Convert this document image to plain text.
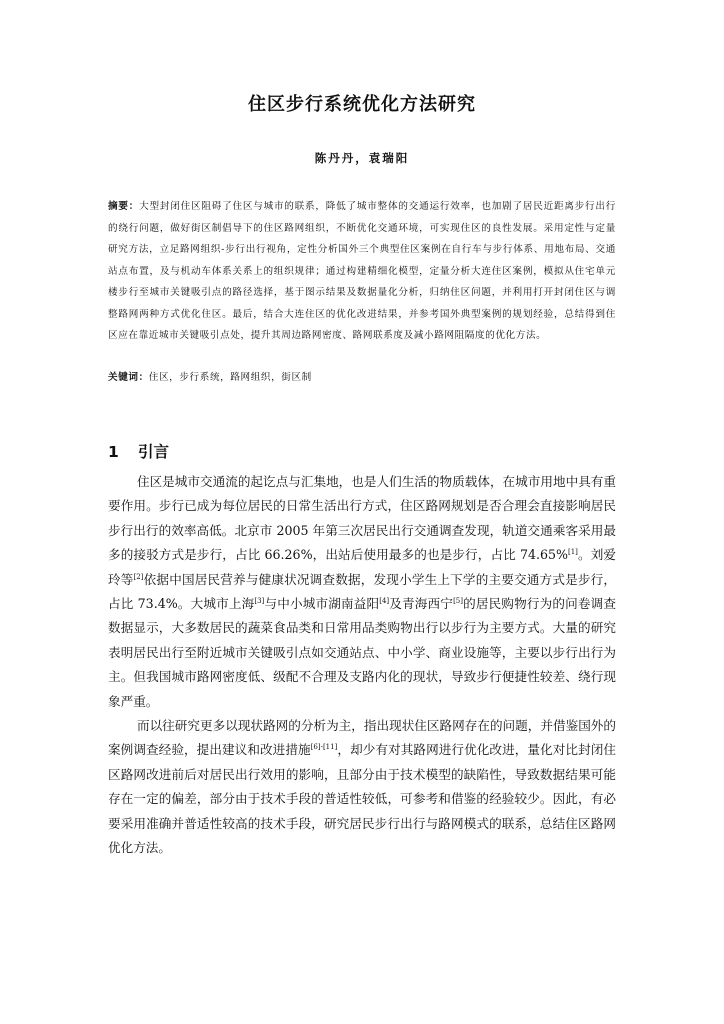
住区步行系统优化方法研究
陈丹丹，袁瑞阳
摘要：大型封闭住区阻碍了住区与城市的联系，降低了城市整体的交通运行效率，也加剧了居民近距离步行出行的绕行问题，做好街区制倡导下的住区路网组织，不断优化交通环境，可实现住区的良性发展。采用定性与定量研究方法，立足路网组织-步行出行视角，定性分析国外三个典型住区案例在自行车与步行体系、用地布局、交通站点布置，及与机动车体系关系上的组织规律；通过构建精细化模型，定量分析大连住区案例，模拟从住宅单元楼步行至城市关键吸引点的路径选择，基于图示结果及数据量化分析，归纳住区问题，并利用打开封闭住区与调整路网两种方式优化住区。最后，结合大连住区的优化改进结果，并参考国外典型案例的规划经验，总结得到住区应在靠近城市关键吸引点处，提升其周边路网密度、路网联系度及减小路网阻隔度的优化方法。
关键词：住区，步行系统，路网组织，街区制
1 引言

住区是城市交通流的起讫点与汇集地，也是人们生活的物质载体，在城市用地中具有重要作用。步行已成为每位居民的日常生活出行方式，住区路网规划是否合理会直接影响居民步行出行的效率高低。北京市 2005 年第三次居民出行交通调查发现，轨道交通乘客采用最多的接驳方式是步行，占比 66.26%，出站后使用最多的也是步行，占比 74.65%[1]。刘爱玲等[2]依据中国居民营养与健康状况调查数据，发现小学生上下学的主要交通方式是步行，占比 73.4%。大城市上海[3]与中小城市湖南益阳[4]及青海西宁[5]的居民购物行为的问卷调查数据显示，大多数居民的蔬菜食品类和日常用品类购物出行以步行为主要方式。大量的研究表明居民出行至附近城市关键吸引点如交通站点、中小学、商业设施等，主要以步行出行为主。但我国城市路网密度低、级配不合理及支路内化的现状，导致步行便捷性较差、绕行现象严重。

而以往研究更多以现状路网的分析为主，指出现状住区路网存在的问题，并借鉴国外的案例调查经验，提出建议和改进措施[6]-[11]，却少有对其路网进行优化改进，量化对比封闭住区路网改进前后对居民出行效用的影响，且部分由于技术模型的缺陷性，导致数据结果可能存在一定的偏差，部分由于技术手段的普适性较低，可参考和借鉴的经验较少。因此，有必要采用准确并普适性较高的技术手段，研究居民步行出行与路网模式的联系，总结住区路网优化方法。
